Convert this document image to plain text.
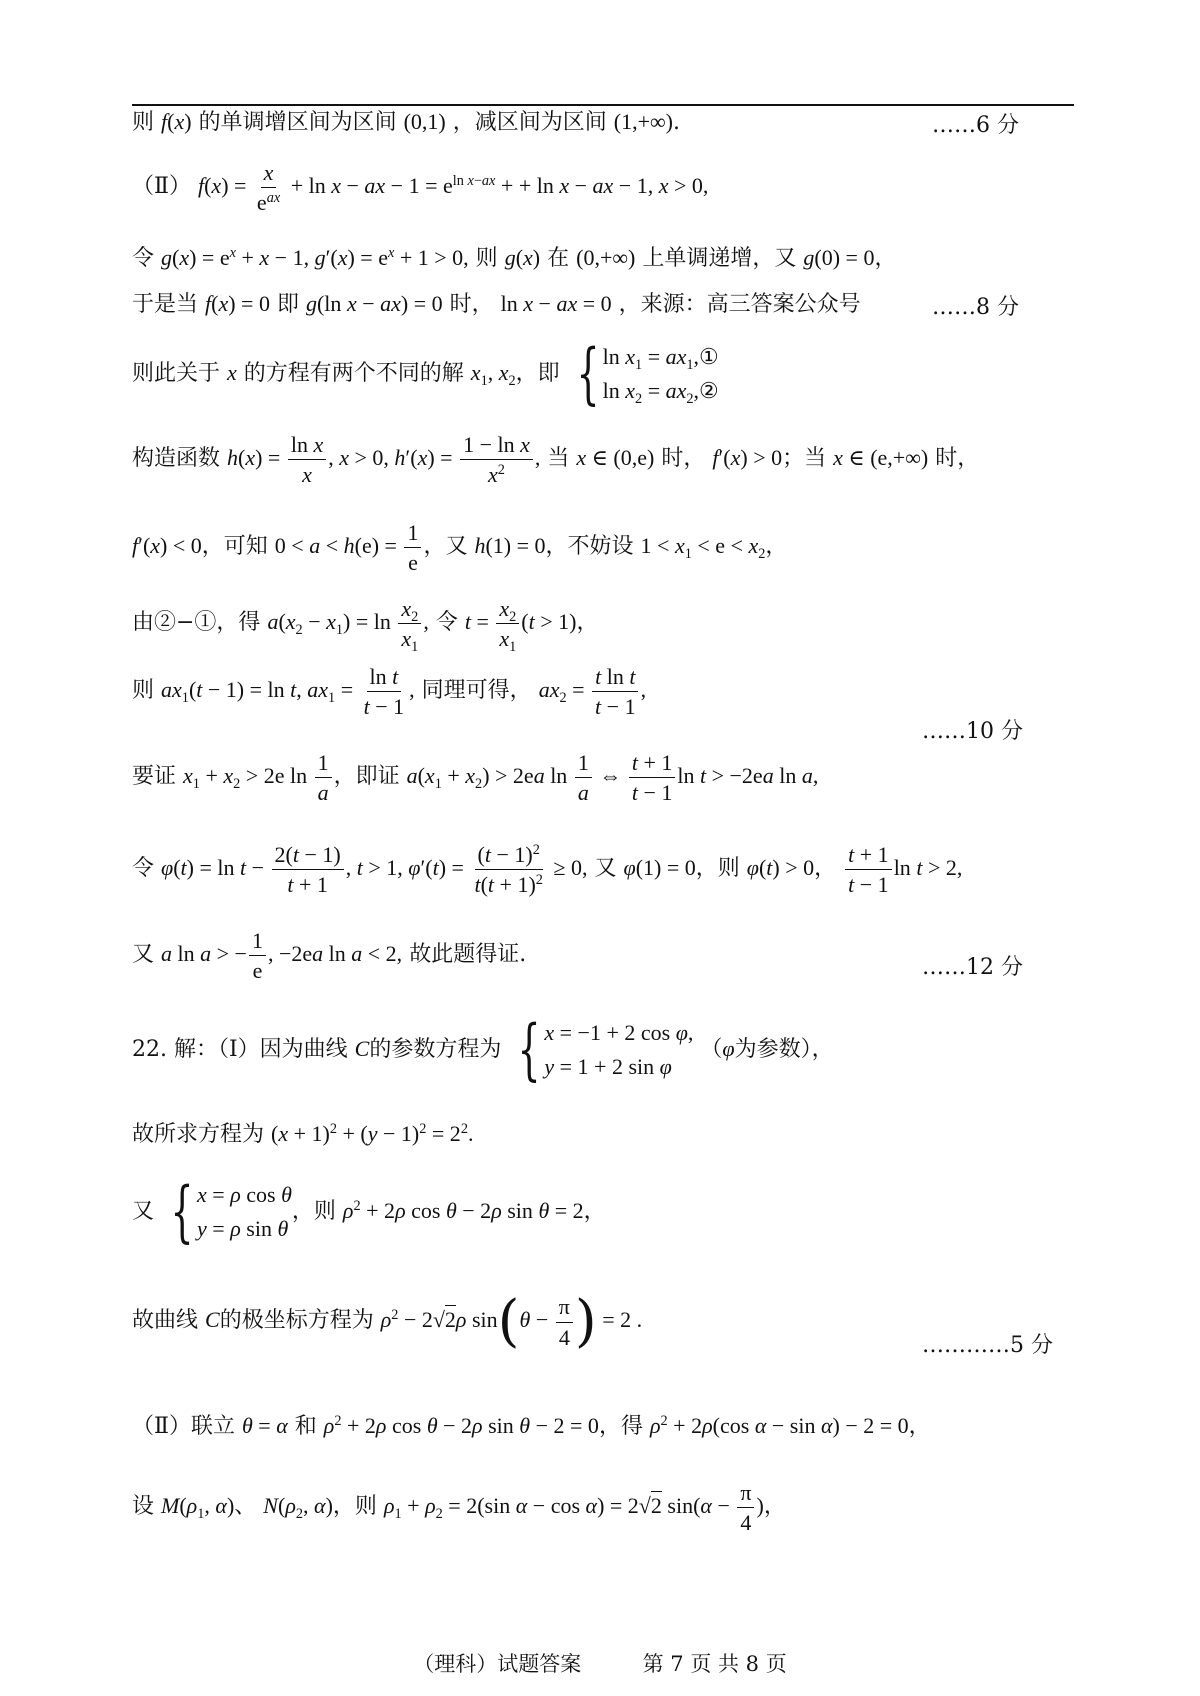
则 f(x) 的单调增区间为区间 (0,1) ，减区间为区间 (1,+∞).	……6 分
（Ⅱ） $f(x) = \frac{x}{e^{ax}} + \ln x$ − ax − $1 = e^{ln x-ax}$ + + ln x − ax − 1, x > 0,
令 $g(x) = e^x + x - 1$, $g'(x) = e^x + 1 > 0$, 则 g(x) 在 (0,+∞) 上单调递增，又 g(0) = 0，
于是当 f(x) = 0 即 g(ln x − ax) = 0 时， ln x − ax = 0 ，来源：高三答案公众号	……8 分
则此关于 x 的方程有两个不同的解 $x_1$, $x_2$，即 { $\ln x_1$ = $ax_1,①$
$\ln x_2$ = $ax_2,②$
构造函数 $h(x) = \frac{\text{ln x}}{x}$ , x > 0, $h'(x) = \frac{\text{1 − ln x}}{x^2}$ , 当 x ∈ (0,e) 时， f′(x) > 0；当 x ∈ (e,+∞) 时，
f′(x) < 0，可知 $0 < a < h(e) = \frac{1}{e}$ ，又 h(1) = 0，不妨设 $1 < x_1 < e < x_2$，
由②−①，得 $a(x_2 - x_1) = \ln \frac{x_2}{x_1}$ , 令 $t = \frac{x_2}{x_1} (t > 1)$，
则 $ax_1(t - 1) = \ln t$, $ax_1 = \frac{\text{ln t}}{t - 1}$ , 同理可得， $ax_2 = \frac{\text{t ln t}}{t - 1}$ ,
……10 分
要证 $x_1 + x_2 > 2e$ $\ln \frac{1}{a}$ ，即证 $a(x_1 + x_2) > 2ea$ $\ln \frac{1}{a}$ ⇔ $\frac{t + 1}{t - 1}$ ln t > −2ea ln a,
令 $\varphi(t) = \ln t - \frac{2(t - 1)}{t + 1}$ , t > 1, $\varphi'(t) = \frac{(t - 1)^2}{t(t + 1)^2} \ge 0$, 又 φ(1) = 0，则 φ(t) > 0， $\frac{t + 1}{t - 1}$ ln t > 2,
又 a ln a > − $\frac{1}{e}$ , −2ea ln a < 2, 故此题得证.
……12 分
22. 解：（Ⅰ）因为曲线 C的参数方程为 { x = −1 + 2 cos φ,
y = 1 + 2 sin φ
（φ为参数），
故所求方程为 $(x + 1)^2 + (y - 1)^2 = 2^2$.
又 { x = ρ cos θ
y = ρ sin θ
，则 $\rho^2 + 2\rho$ cos θ − 2ρ sin θ = 2，
故曲线 C的极坐标方程为 $\rho^2 - 2√2\rho$ $\sin(\theta - \frac{\pi}{4}$ ) = 2 .
…………5 分
（Ⅱ）联立 θ = α 和 $\rho^2 + 2\rho$ cos θ − 2ρ sin θ − 2 = 0，得 $\rho^2 + 2\rho(\cos$ α − sin α) − 2 = 0，
设 $M(\rho_1$, α)、 $N(\rho_2$, α)，则 $\rho_1 + \rho_2 = 2(\sin$ α − cos α) = 2√2 $\sin(\alpha - \frac{\pi}{4}$ )，
（理科）试题答案	第 7 页 共 8 页
